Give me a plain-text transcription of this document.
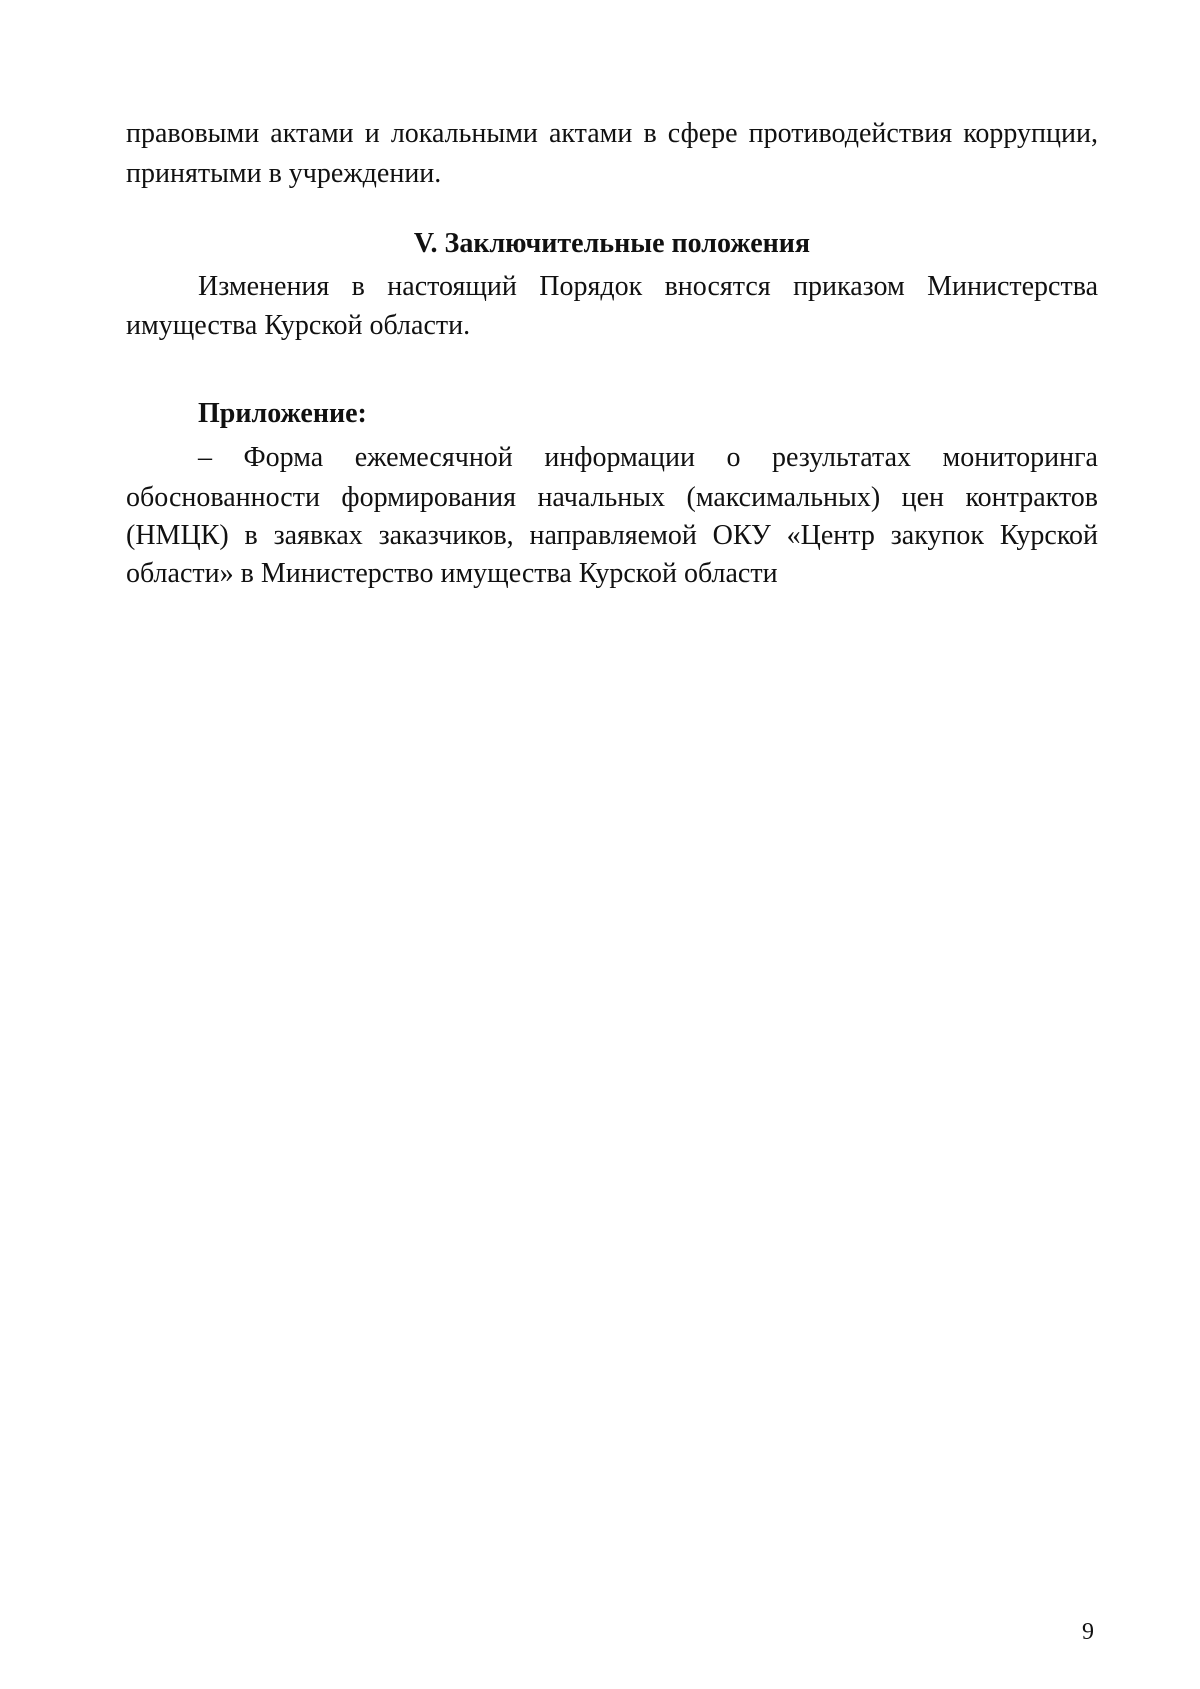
правовыми актами и локальными актами в сфере противодействия коррупции,
принятыми в учреждении.
V. Заключительные положения
Изменения в настоящий Порядок вносятся приказом Министерства
имущества Курской области.
Приложение:
– Форма ежемесячной информации о результатах мониторинга
обоснованности формирования начальных (максимальных) цен контрактов
(НМЦК) в заявках заказчиков, направляемой ОКУ «Центр закупок Курской
области» в Министерство имущества Курской области
9
